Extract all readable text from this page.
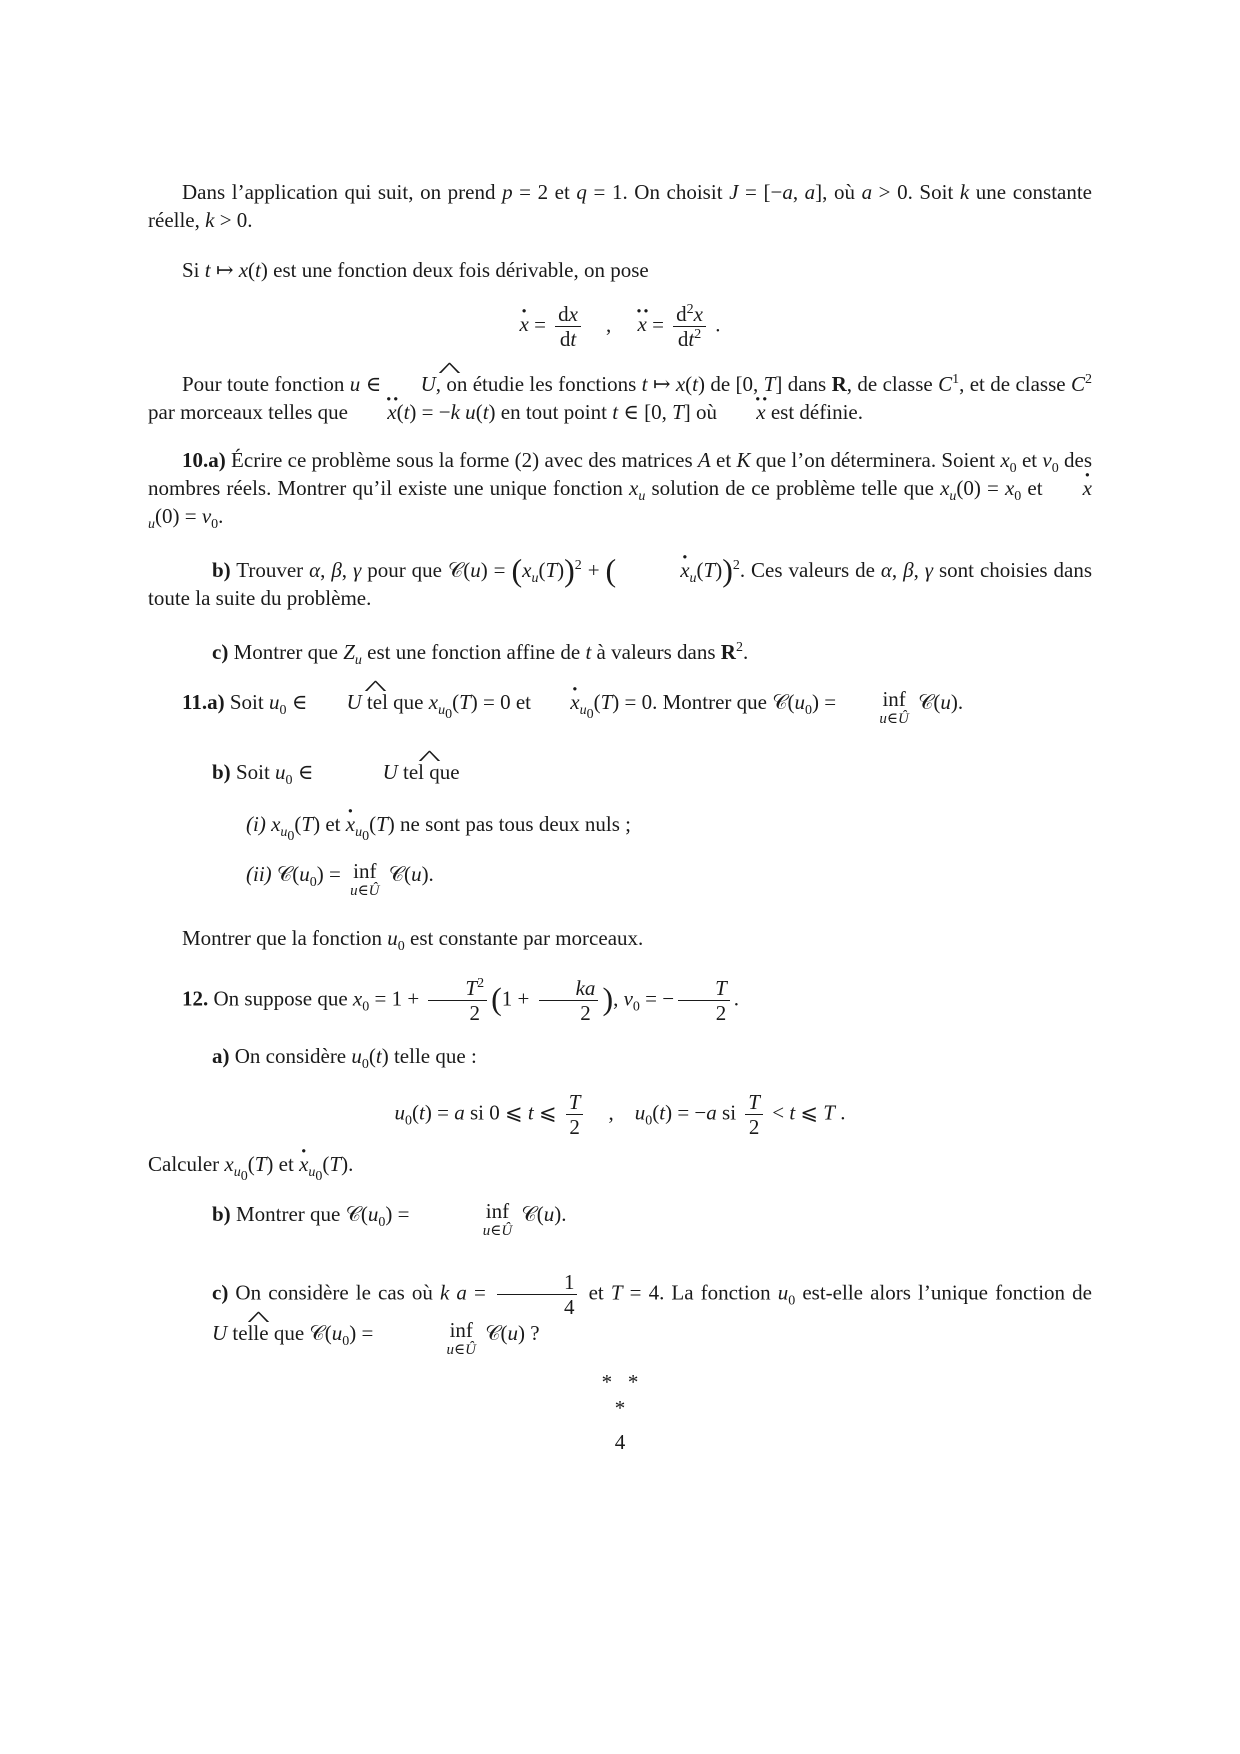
Dans l’application qui suit, on prend p = 2 et q = 1. On choisit J = [−a, a], où a > 0. Soit k une constante réelle, k > 0.
Si t ↦ x(t) est une fonction deux fois dérivable, on pose
· $x = \frac{dx}{dt}$ ,     ·· $x = \frac{d^2x}{dt^2}$ .
Pour toute fonction u ∈ ^ U, on étudie les fonctions t ↦ x(t) de [0, T] dans R, de classe $C^1$, et de classe $C^2$ par morceaux telles que ·· x(t) = −k u(t) en tout point t ∈ [0, T] où ·· x est définie.
10.a) Écrire ce problème sous la forme (2) avec des matrices A et K que l’on déterminera. Soient $x_0$ et $v_0$ des nombres réels. Montrer qu’il existe une unique fonction $x_u$ solution de ce problème telle que $x_u(0) = x_0$ et · $x_u(0) = v_0$.
b) Trouver α, β, γ pour que 𝒞(u) = $(x_u(T))^2$ + (	· $x_u(T))^2$. Ces valeurs de α, β, γ sont choisies dans toute la suite du problème.
c) Montrer que $Z_u$ est une fonction affine de t à valeurs dans $R^2$.
11.a) Soit $u_0$ ∈ ^ U tel que $x_{u_0}(T) = 0$ et · $x_{u_0}(T) = 0$. Montrer que $𝒞(u_0)$ =	inf
u∈Û
𝒞(u).
b) Soit $u_0$ ∈	^ U tel que
(i) $x_{u_0}(T)$ et · $x_{u_0}(T)$ ne sont pas tous deux nuls ;
(ii) $𝒞(u_0)$ = inf
u∈Û
𝒞(u).
Montrer que la fonction $u_0$ est constante par morceaux.
12. On suppose que $x_0 = 1 + \frac{T^2}{2} (1 + \frac{ka}{2}$ ), $v_0$ = − $\frac{T}{2}$ .
a) On considère $u_0(t)$ telle que :
$u_0(t) = a$ si 0 ⩽ t ⩽ $\frac{T}{2}$ ,    $u_0(t) = -a$ si $\frac{T}{2} < t$ ⩽ T .
Calculer $x_{u_0}(T)$ et · $x_{u_0}(T)$.
b) Montrer que $𝒞(u_0)$ =	inf
u∈Û
𝒞(u).
c) On considère le cas où k $a = \frac{1}{4}$ et T = 4. La fonction $u_0$ est-elle alors l’unique fonction de ^ U telle que $𝒞(u_0)$ =	inf
u∈Û
𝒞(u) ?
*   *
*
4
